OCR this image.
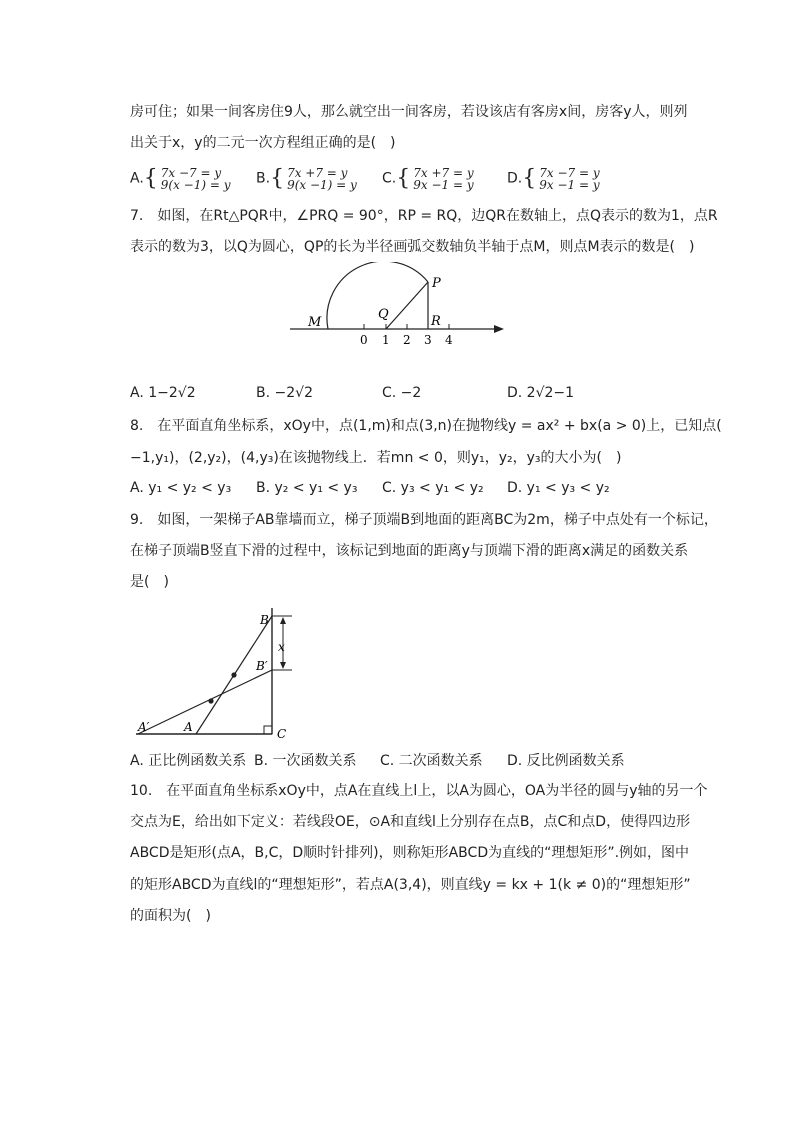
房可住；如果一间客房住9人，那么就空出一间客房，若设该店有客房x间，房客y人，则列
出关于x，y的二元一次方程组正确的是(　)
A.{ 7x −7 = y
9(x −1) = y B.{ 7x +7 = y
9(x −1) = y C.{ 7x +7 = y
9x −1 = y D.{ 7x −7 = y
9x −1 = y
7.　如图，在Rt△PQR中，∠PRQ = 90°，RP = RQ，边QR在数轴上，点Q表示的数为1，点R
表示的数为3，以Q为圆心，QP的长为半径画弧交数轴负半轴于点M，则点M表示的数是(　)
M
Q
P
R
0 1 2 3 4
A. 1−2√2	B. −2√2	C. −2	D. 2√2−1
8.　在平面直角坐标系，xOy中，点(1,m)和点(3,n)在抛物线y = ax² + bx(a > 0)上，已知点(
−1,y₁)，(2,y₂)，(4,y₃)在该抛物线上．若mn < 0，则y₁，y₂，y₃的大小为(　)
A. y₁ < y₂ < y₃ B. y₂ < y₁ < y₃ C. y₃ < y₁ < y₂ D. y₁ < y₃ < y₂
9.　如图，一架梯子AB靠墙而立，梯子顶端B到地面的距离BC为2m，梯子中点处有一个标记，
在梯子顶端B竖直下滑的过程中，该标记到地面的距离y与顶端下滑的距离x满足的函数关系
是(　)
B
B′
x
A′	A	C
A. 正比例函数关系 B. 一次函数关系 C. 二次函数关系 D. 反比例函数关系
10.　在平面直角坐标系xOy中，点A在直线上l上，以A为圆心，OA为半径的圆与y轴的另一个
交点为E，给出如下定义：若线段OE，⊙A和直线l上分别存在点B，点C和点D，使得四边形
ABCD是矩形(点A，B,C，D顺时针排列)，则称矩形ABCD为直线的“理想矩形”.例如，图中
的矩形ABCD为直线l的“理想矩形”，若点A(3,4)，则直线y = kx + 1(k ≠ 0)的“理想矩形”
的面积为(　)
